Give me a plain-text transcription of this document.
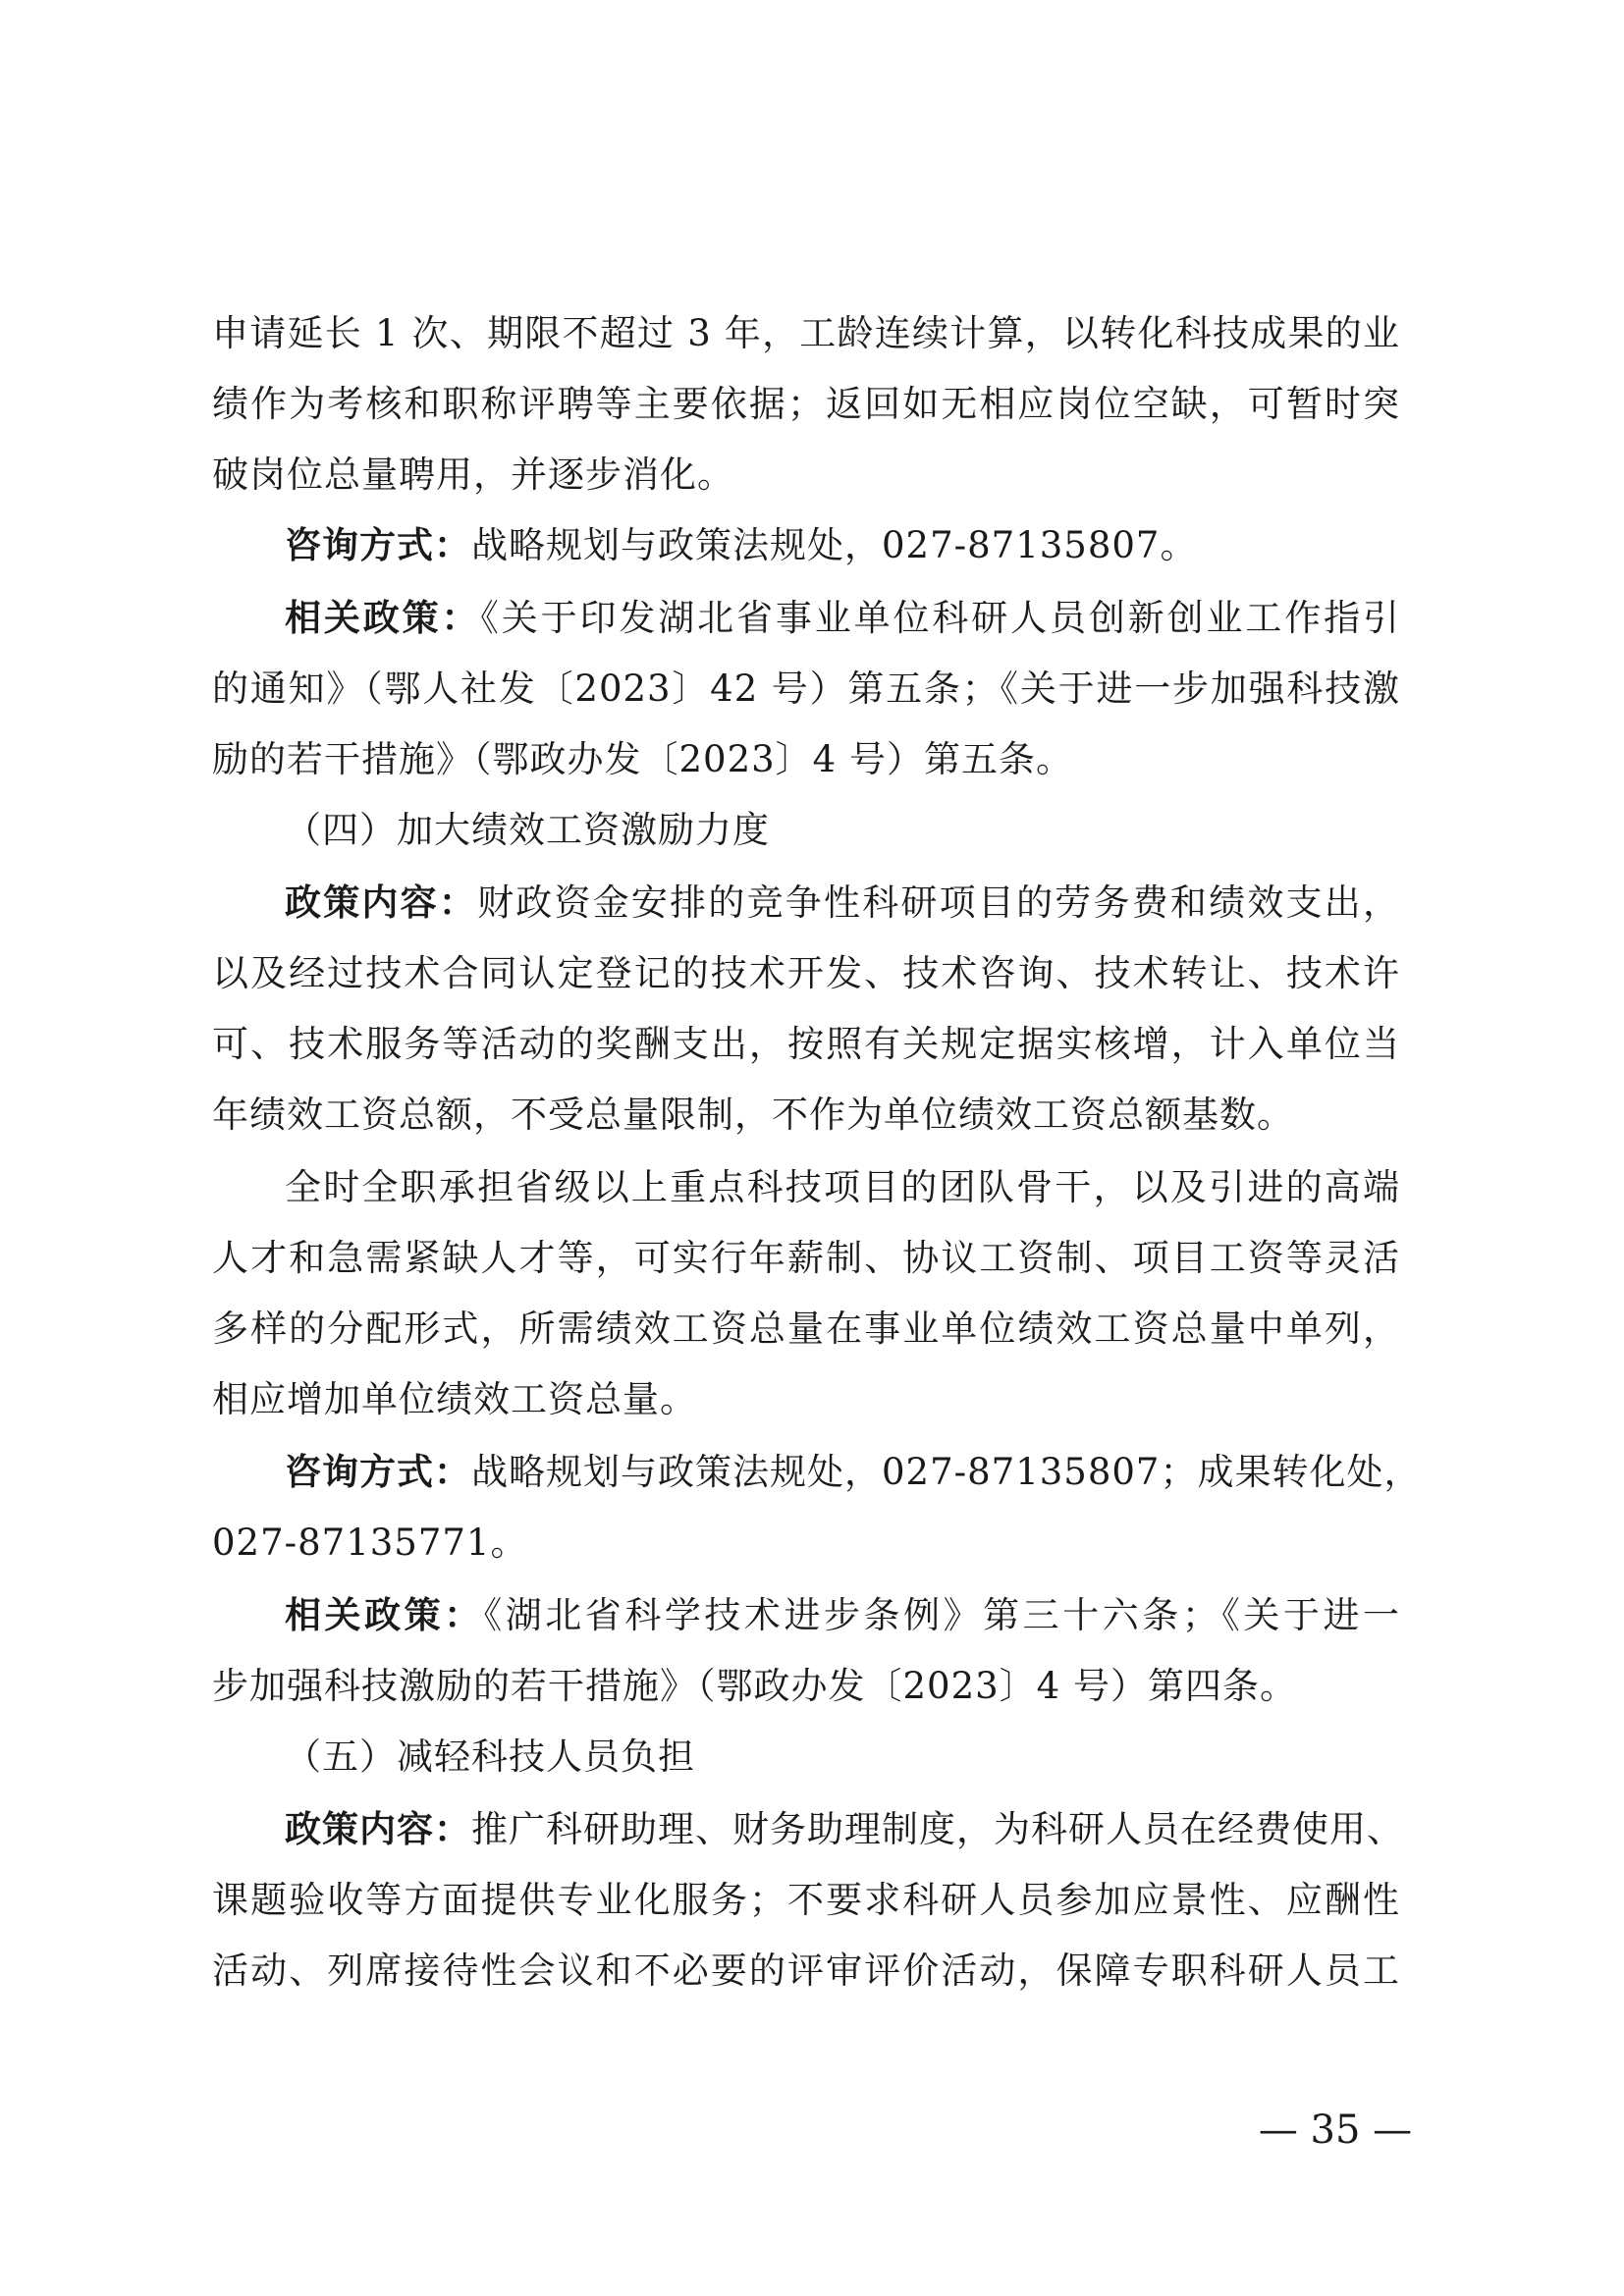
申请延长 1 次、期限不超过 3 年，工龄连续计算，以转化科技成果的业
绩作为考核和职称评聘等主要依据；返回如无相应岗位空缺，可暂时突
破岗位总量聘用，并逐步消化。
咨询方式：战略规划与政策法规处，027-87135807。
相关政策：《关于印发湖北省事业单位科研人员创新创业工作指引
的通知》（鄂人社发〔2023〕42 号）第五条；《关于进一步加强科技激
励的若干措施》（鄂政办发〔2023〕4 号）第五条。
（四）加大绩效工资激励力度
政策内容：财政资金安排的竞争性科研项目的劳务费和绩效支出，
以及经过技术合同认定登记的技术开发、技术咨询、技术转让、技术许
可、技术服务等活动的奖酬支出，按照有关规定据实核增，计入单位当
年绩效工资总额，不受总量限制，不作为单位绩效工资总额基数。
全时全职承担省级以上重点科技项目的团队骨干，以及引进的高端
人才和急需紧缺人才等，可实行年薪制、协议工资制、项目工资等灵活
多样的分配形式，所需绩效工资总量在事业单位绩效工资总量中单列，
相应增加单位绩效工资总量。
咨询方式：战略规划与政策法规处，027-87135807；成果转化处，
027-87135771。
相关政策：《湖北省科学技术进步条例》第三十六条；《关于进一
步加强科技激励的若干措施》（鄂政办发〔2023〕4 号）第四条。
（五）减轻科技人员负担
政策内容：推广科研助理、财务助理制度，为科研人员在经费使用、
课题验收等方面提供专业化服务；不要求科研人员参加应景性、应酬性
活动、列席接待性会议和不必要的评审评价活动，保障专职科研人员工
— 35 —
